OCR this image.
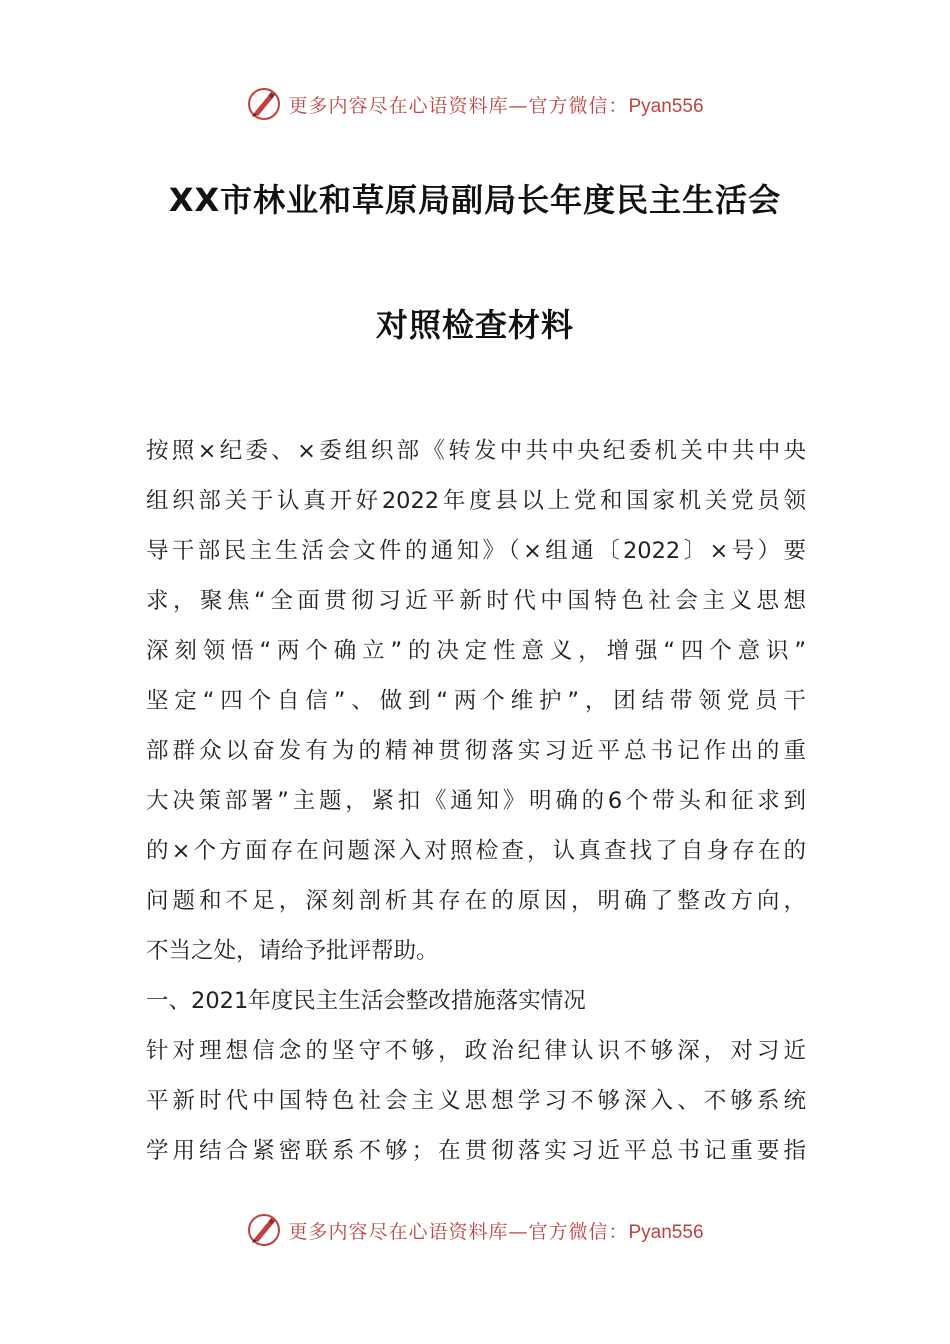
更多内容尽在心语资料库—官方微信：Pyan556
XX市林业和草原局副局长年度民主生活会
对照检查材料
按照×纪委、×委组织部《转发中共中央纪委机关中共中央
组织部关于认真开好2022年度县以上党和国家机关党员领
导干部民主生活会文件的通知》（×组通〔2022〕×号）要
求，聚焦“全面贯彻习近平新时代中国特色社会主义思想
深刻领悟“两个确立”的决定性意义，增强“四个意识”
坚定“四个自信”、做到“两个维护”，团结带领党员干
部群众以奋发有为的精神贯彻落实习近平总书记作出的重
大决策部署”主题，紧扣《通知》明确的6个带头和征求到
的×个方面存在问题深入对照检查，认真查找了自身存在的
问题和不足，深刻剖析其存在的原因，明确了整改方向，
不当之处，请给予批评帮助。
一、2021年度民主生活会整改措施落实情况
针对理想信念的坚守不够，政治纪律认识不够深，对习近
平新时代中国特色社会主义思想学习不够深入、不够系统
学用结合紧密联系不够；在贯彻落实习近平总书记重要指
更多内容尽在心语资料库—官方微信：Pyan556
